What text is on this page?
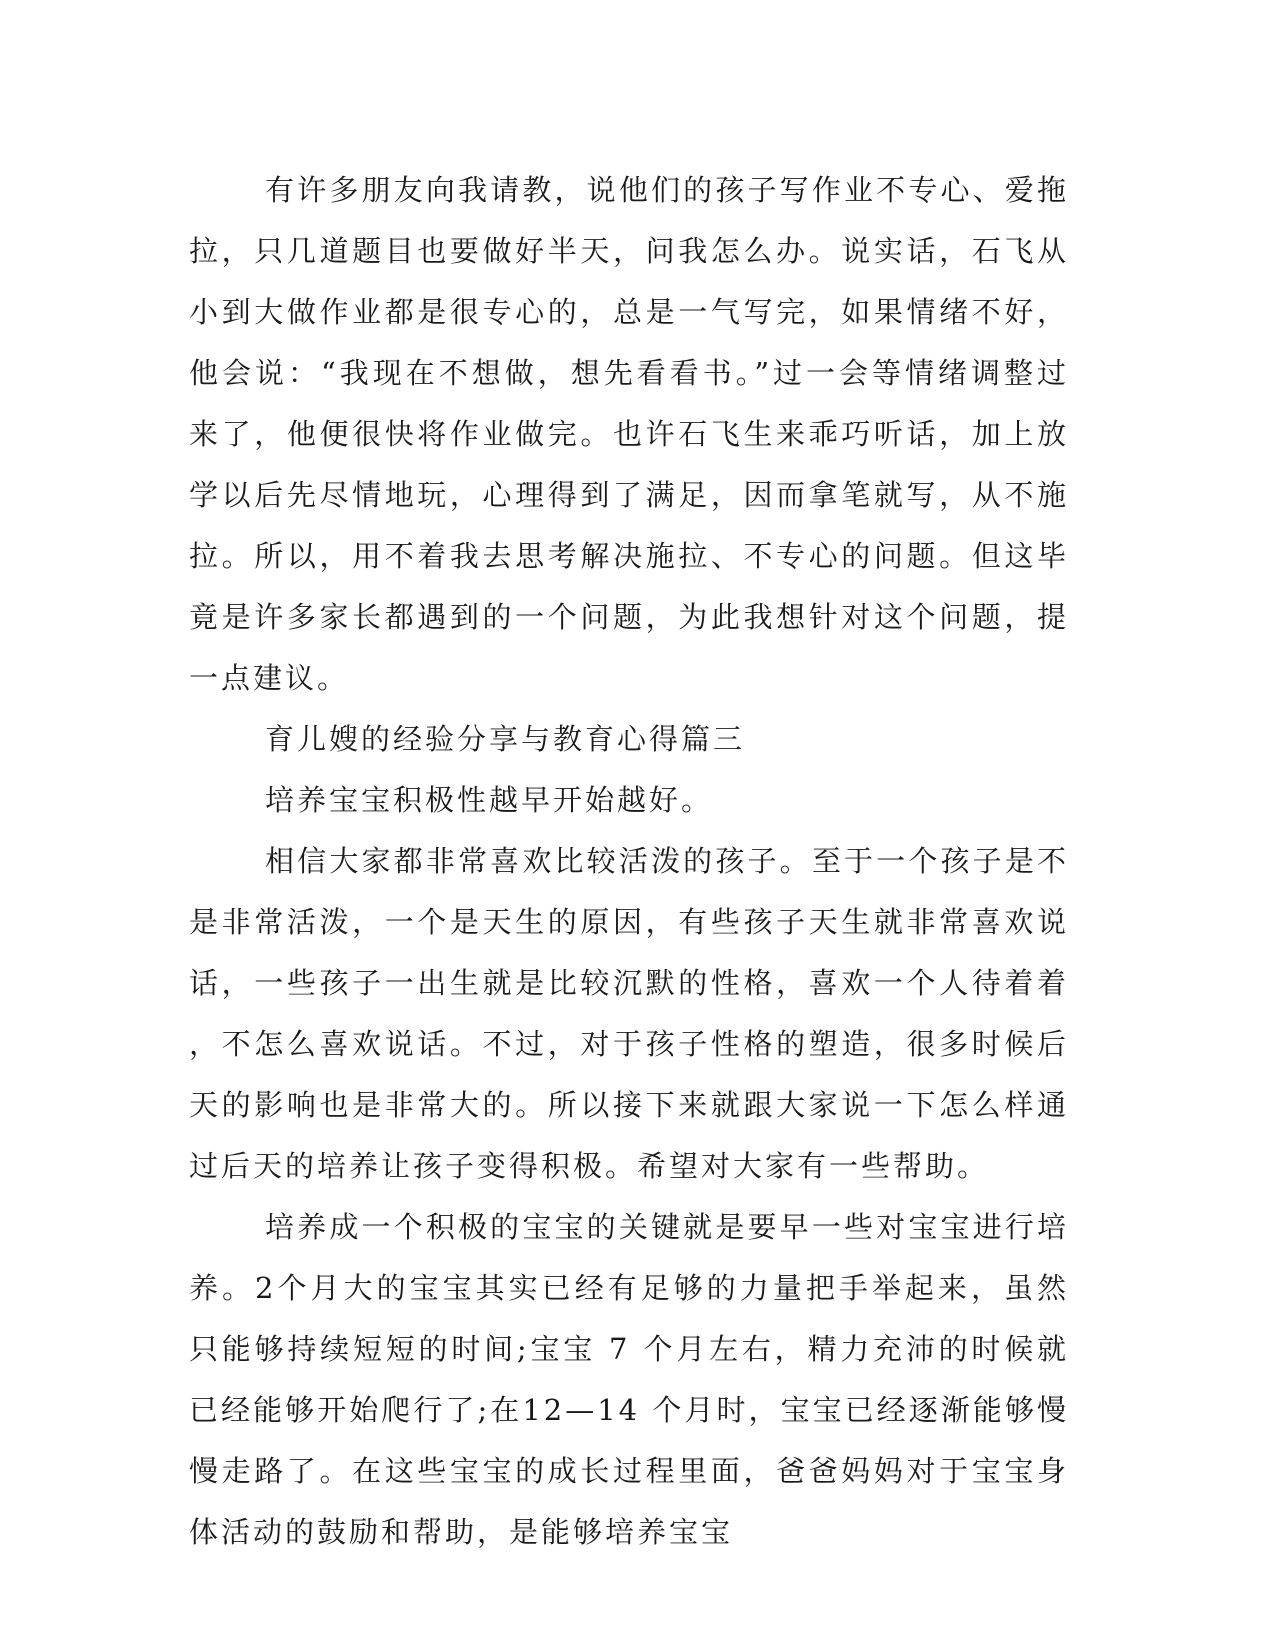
有许多朋友向我请教，说他们的孩子写作业不专心、爱拖拉，只几道题目也要做好半天，问我怎么办。说实话，石飞从小到大做作业都是很专心的，总是一气写完，如果情绪不好，他会说：“我现在不想做，想先看看书。”过一会等情绪调整过来了，他便很快将作业做完。也许石飞生来乖巧听话，加上放学以后先尽情地玩，心理得到了满足，因而拿笔就写，从不施拉。所以，用不着我去思考解决施拉、不专心的问题。但这毕竟是许多家长都遇到的一个问题，为此我想针对这个问题，提一点建议。

育儿嫂的经验分享与教育心得篇三

培养宝宝积极性越早开始越好。

相信大家都非常喜欢比较活泼的孩子。至于一个孩子是不是非常活泼，一个是天生的原因，有些孩子天生就非常喜欢说话，一些孩子一出生就是比较沉默的性格，喜欢一个人待着着，不怎么喜欢说话。不过，对于孩子性格的塑造，很多时候后天的影响也是非常大的。所以接下来就跟大家说一下怎么样通过后天的培养让孩子变得积极。希望对大家有一些帮助。

培养成一个积极的宝宝的关键就是要早一些对宝宝进行培养。2个月大的宝宝其实已经有足够的力量把手举起来，虽然只能够持续短短的时间;宝宝 7 个月左右，精力充沛的时候就已经能够开始爬行了;在12—14 个月时，宝宝已经逐渐能够慢慢走路了。在这些宝宝的成长过程里面，爸爸妈妈对于宝宝身体活动的鼓励和帮助，是能够培养宝宝
